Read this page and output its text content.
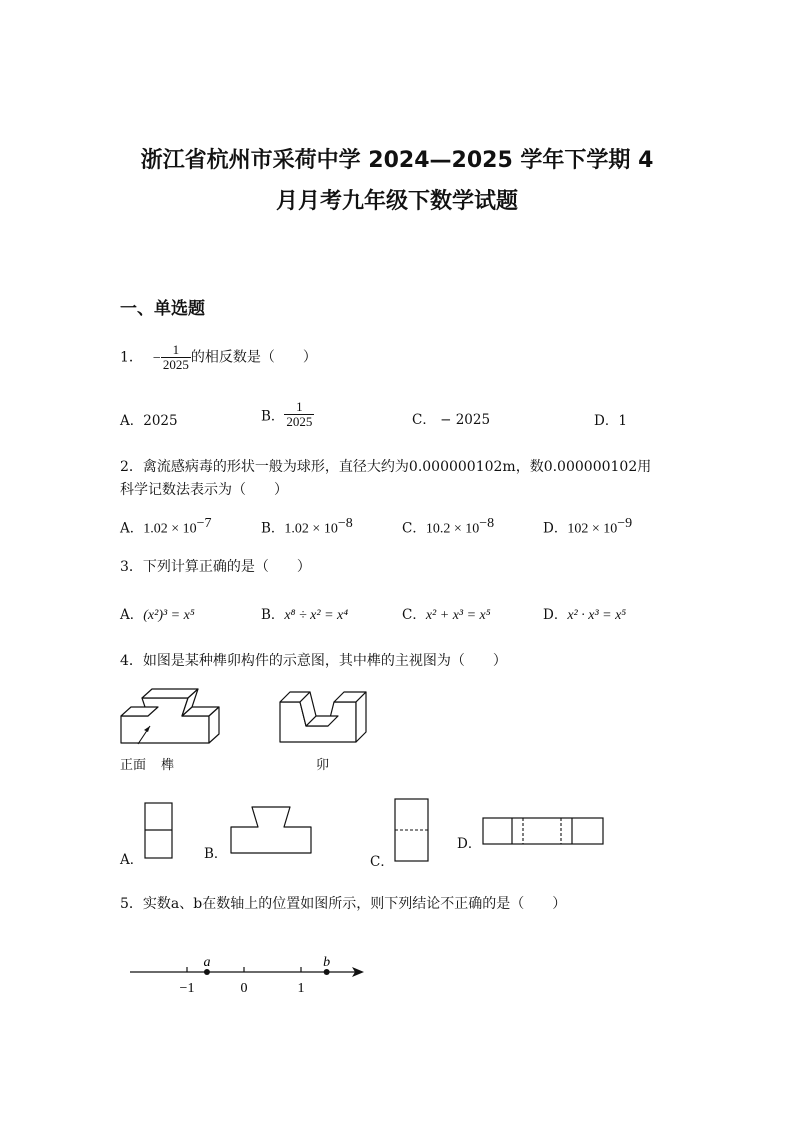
浙江省杭州市采荷中学 2024—2025 学年下学期 4
月月考九年级下数学试题
一、单选题
1． − $\frac{1}{2025}$ 的相反数是（　　）
A．2025	B． $\frac{1}{2025}$	C． − 2025	D．1
2．禽流感病毒的形状一般为球形，直径大约为0.000000102m，数0.000000102用
科学记数法表示为（　　）
A．$1.02 \times 10^{-7}$	B．$1.02 \times 10^{-8}$	C．$10.2 \times 10^{-8}$	D．$102 \times 10^{-9}$
3．下列计算正确的是（　　）
A．(x²)³ = x⁵	B．x⁸ ÷ x² = x⁴	C．x² + x³ = x⁵	D．x² · x³ = x⁵
4．如图是某种榫卯构件的示意图，其中榫的主视图为（　　）
正面 榫	卯
A．	B．	C．
D．
5．实数a、b在数轴上的位置如图所示，则下列结论不正确的是（　　）
−1	0	1
a	b
